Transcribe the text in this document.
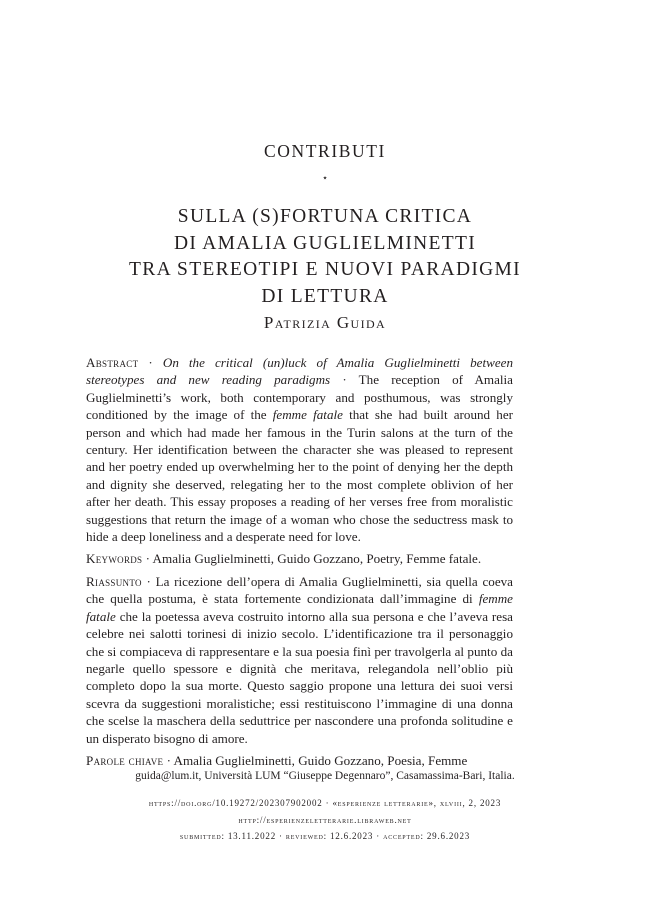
CONTRIBUTI
⋆
SULLA (S)FORTUNA CRITICA
DI AMALIA GUGLIELMINETTI
TRA STEREOTIPI E NUOVI PARADIGMI
DI LETTURA
Patrizia Guida

Abstract · On the critical (un)luck of Amalia Guglielminetti between stereotypes and new reading paradigms · The reception of Amalia Guglielminetti’s work, both contemporary and posthumous, was strongly conditioned by the image of the femme fatale that she had built around her person and which had made her famous in the Turin salons at the turn of the century. Her identification between the character she was pleased to represent and her poetry ended up overwhelming her to the point of denying her the depth and dignity she deserved, relegating her to the most complete oblivion of her after her death. This essay proposes a reading of her verses free from moralistic suggestions that return the image of a woman who chose the seductress mask to hide a deep loneliness and a desperate need for love.

Keywords · Amalia Guglielminetti, Guido Gozzano, Poetry, Femme fatale.

Riassunto · La ricezione dell’opera di Amalia Guglielminetti, sia quella coeva che quella postuma, è stata fortemente condizionata dall’immagine di femme fatale che la poetessa aveva costruito intorno alla sua persona e che l’aveva resa celebre nei salotti torinesi di inizio secolo. L’identificazione tra il personaggio che si compiaceva di rappresentare e la sua poesia finì per travolgerla al punto da negarle quello spessore e dignità che meritava, relegandola nell’oblio più completo dopo la sua morte. Questo saggio propone una lettura dei suoi versi scevra da suggestioni moralistiche; essi restituiscono l’immagine di una donna che scelse la maschera della seduttrice per nascondere una profonda solitudine e un disperato bisogno di amore.

Parole chiave · Amalia Guglielminetti, Guido Gozzano, Poesia, Femme

guida@lum.it, Università LUM “Giuseppe Degennaro”, Casamassima-Bari, Italia.
https://doi.org/10.19272/202307902002 · «esperienze letterarie», xlviii, 2, 2023
http://esperienzeletterarie.libraweb.net
submitted: 13.11.2022 · reviewed: 12.6.2023 · accepted: 29.6.2023
